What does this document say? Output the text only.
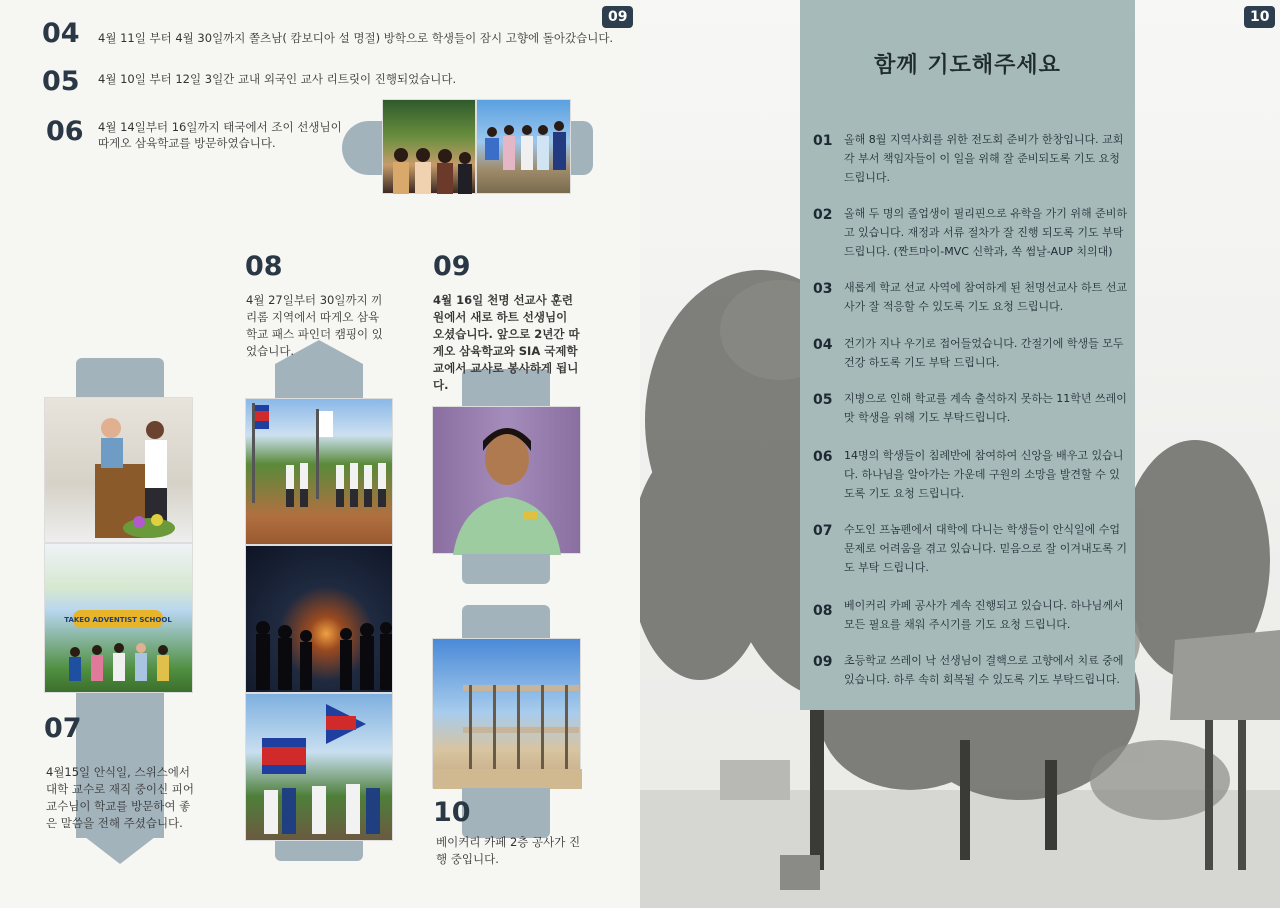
09
04 4월 11일 부터 4월 30일까지 쫄츠남( 캄보디아 설 명절) 방학으로 학생들이 잠시 고향에 돌아갔습니다.
05 4월 10일 부터 12일 3일간 교내 외국인 교사 리트릿이 진행되었습니다.
06 4월 14일부터 16일까지 태국에서 조이 선생님이
따게오 삼육학교를 방문하였습니다.
TAKEO ADVENTIST SCHOOL
07
4월15일 안식일, 스위스에서 대학 교수로 재직 중이신 피어 교수님이 학교를 방문하여 좋은 말씀을 전해 주셨습니다.
08
4월 27일부터 30일까지 끼리롬 지역에서 따게오 삼육학교 패스 파인더 캠핑이 있었습니다.
09
4월 16일 천명 선교사 훈련원에서 새로 하트 선생님이 오셨습니다. 앞으로 2년간 따게오 삼육학교와 SIA 국제학교에서 교사로 봉사하게 됩니다.
10
베이커리 카페 2층 공사가 진행 중입니다.
10
함께 기도해주세요
01 올해 8월 지역사회를 위한 전도회 준비가 한창입니다. 교회 각 부서 책임자들이 이 일을 위해 잘 준비되도록 기도 요청 드립니다.
02 올해 두 명의 졸업생이 필리핀으로 유학을 가기 위해 준비하고 있습니다. 재정과 서류 절차가 잘 진행 되도록 기도 부탁드립니다. (짠트마이-MVC 신학과, 쏙 썸날-AUP 치의대)
03 새롭게 학교 선교 사역에 참여하게 된 천명선교사 하트 선교사가 잘 적응할 수 있도록 기도 요청 드립니다.
04 건기가 지나 우기로 접어들었습니다. 간절기에 학생들 모두 건강 하도록 기도 부탁 드립니다.
05 지병으로 인해 학교를 계속 출석하지 못하는 11학년 쓰레이맛 학생을 위해 기도 부탁드립니다.
06 14명의 학생들이 침례반에 참여하여 신앙을 배우고 있습니다. 하나님을 알아가는 가운데 구원의 소망을 발견할 수 있도록 기도 요청 드립니다.
07 수도인 프놈펜에서 대학에 다니는 학생들이 안식일에 수업 문제로 어려움을 겪고 있습니다. 믿음으로 잘 이겨내도록 기도 부탁 드립니다.
08 베이커리 카페 공사가 계속 진행되고 있습니다. 하나님께서 모든 필요를 채워 주시기를 기도 요청 드립니다.
09 초등학교 쓰레이 낙 선생님이 결핵으로 고향에서 치료 중에 있습니다. 하루 속히 회복될 수 있도록 기도 부탁드립니다.
